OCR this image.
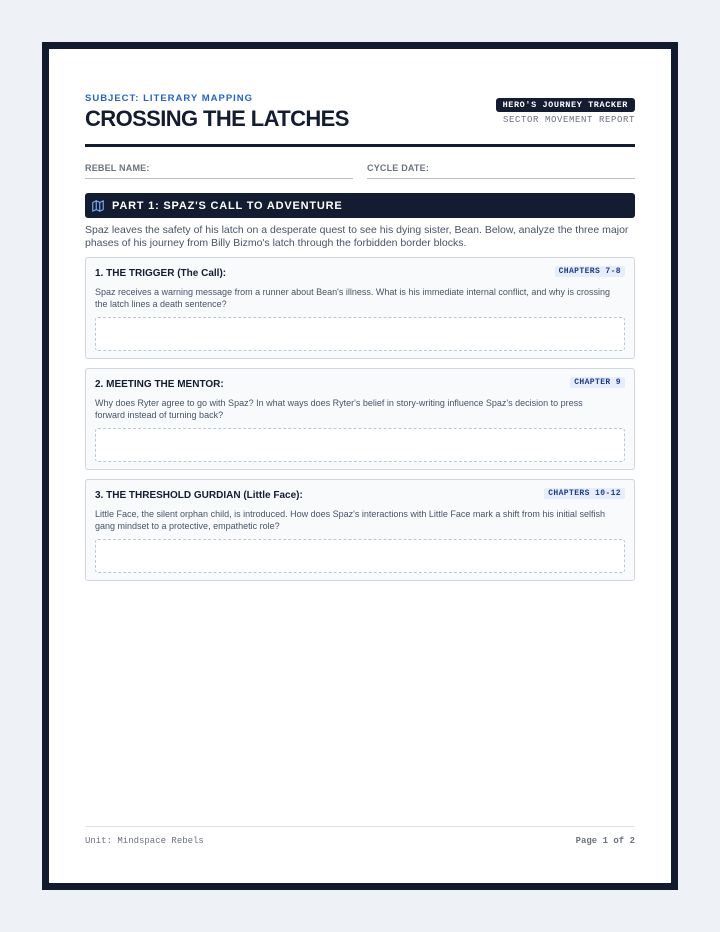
SUBJECT: LITERARY MAPPING
CROSSING THE LATCHES
HERO'S JOURNEY TRACKER
SECTOR MOVEMENT REPORT
REBEL NAME:	CYCLE DATE:
PART 1: SPAZ'S CALL TO ADVENTURE
Spaz leaves the safety of his latch on a desperate quest to see his dying sister, Bean. Below, analyze the three major phases of his journey from Billy Bizmo's latch through the forbidden border blocks.
1. THE TRIGGER (The Call):	CHAPTERS 7-8
Spaz receives a warning message from a runner about Bean's illness. What is his immediate internal conflict, and why is crossing the latch lines a death sentence?
2. MEETING THE MENTOR:	CHAPTER 9
Why does Ryter agree to go with Spaz? In what ways does Ryter's belief in story-writing influence Spaz's decision to press forward instead of turning back?
3. THE THRESHOLD GURDIAN (Little Face):	CHAPTERS 10-12
Little Face, the silent orphan child, is introduced. How does Spaz's interactions with Little Face mark a shift from his initial selfish gang mindset to a protective, empathetic role?
Unit: Mindspace Rebels	Page 1 of 2
